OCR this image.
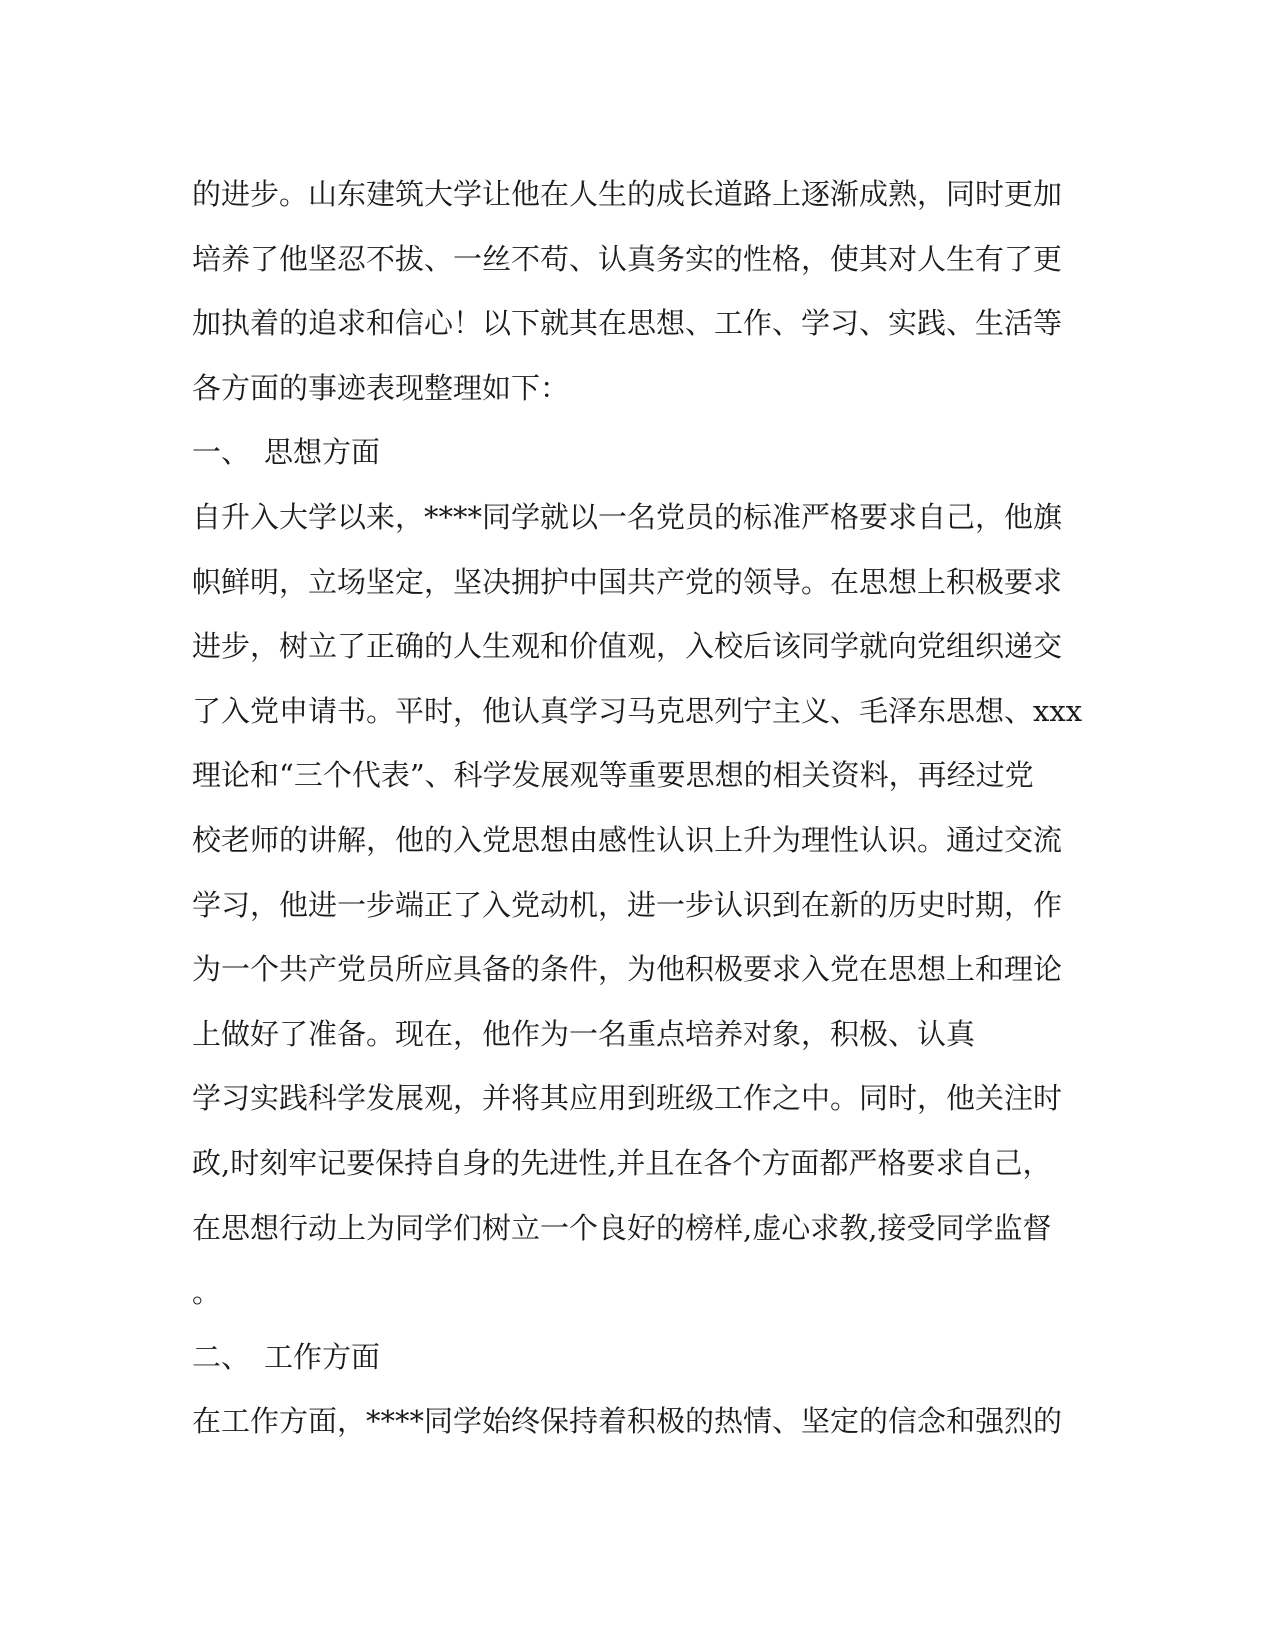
的进步。山东建筑大学让他在人生的成长道路上逐渐成熟，同时更加
培养了他坚忍不拔、一丝不苟、认真务实的性格，使其对人生有了更
加执着的追求和信心！以下就其在思想、工作、学习、实践、生活等
各方面的事迹表现整理如下：
一、 思想方面
自升入大学以来，****同学就以一名党员的标准严格要求自己，他旗
帜鲜明，立场坚定，坚决拥护中国共产党的领导。在思想上积极要求
进步，树立了正确的人生观和价值观，入校后该同学就向党组织递交
了入党申请书。平时，他认真学习马克思列宁主义、毛泽东思想、xxx
理论和“三个代表”、科学发展观等重要思想的相关资料，再经过党
校老师的讲解，他的入党思想由感性认识上升为理性认识。通过交流
学习，他进一步端正了入党动机，进一步认识到在新的历史时期，作
为一个共产党员所应具备的条件，为他积极要求入党在思想上和理论
上做好了准备。现在，他作为一名重点培养对象，积极、认真
学习实践科学发展观，并将其应用到班级工作之中。同时，他关注时
政,时刻牢记要保持自身的先进性,并且在各个方面都严格要求自己，
在思想行动上为同学们树立一个良好的榜样,虚心求教,接受同学监督
。
二、 工作方面
在工作方面，****同学始终保持着积极的热情、坚定的信念和强烈的
